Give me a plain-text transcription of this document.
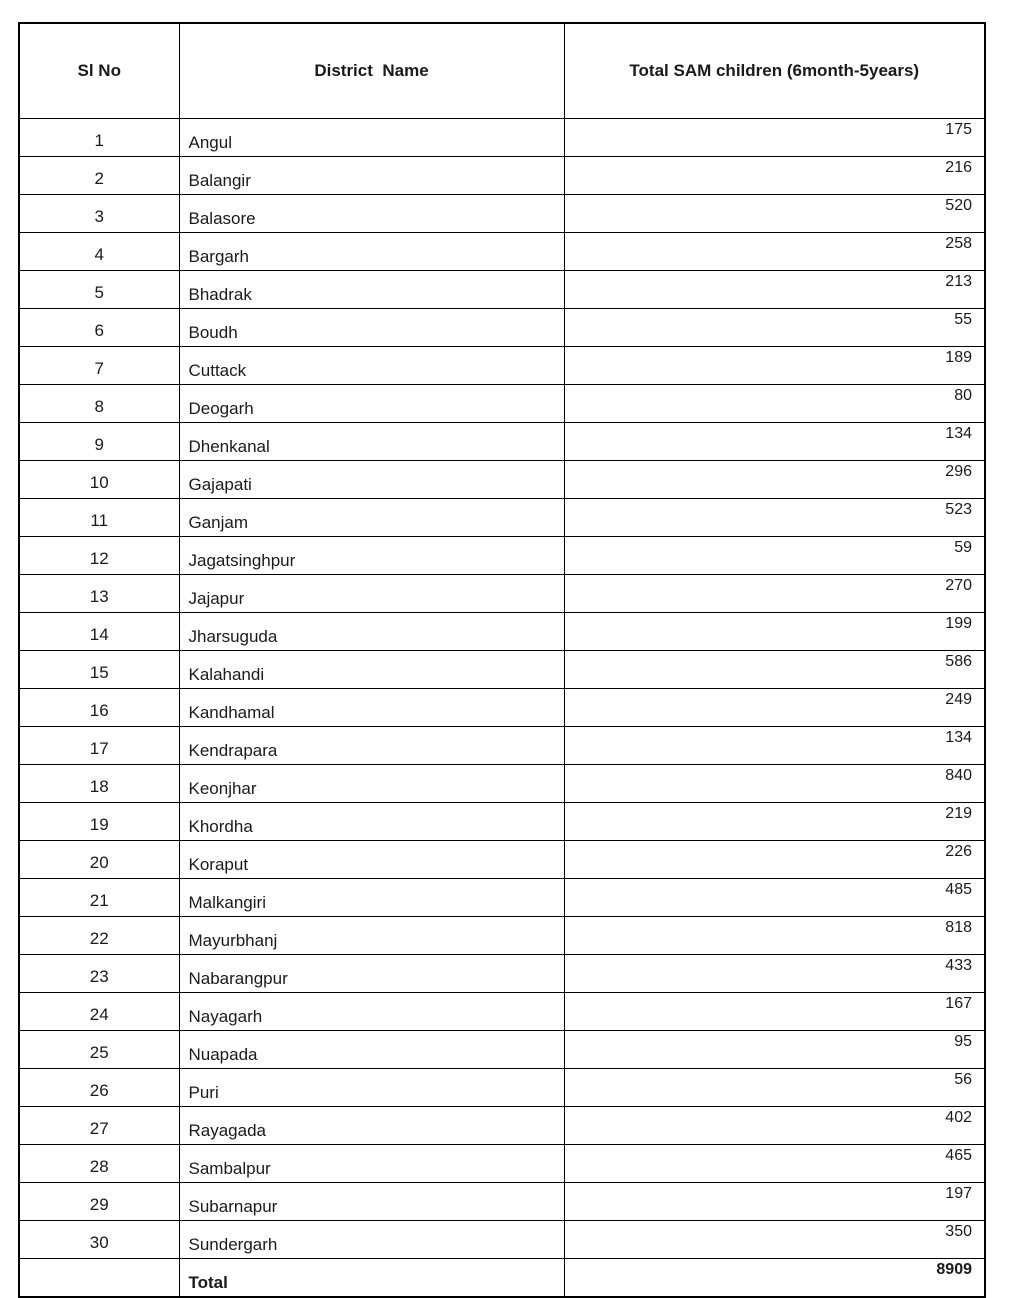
Sl No	District  Name	Total SAM children (6month-5years)
1	Angul	175
2	Balangir	216
3	Balasore	520
4	Bargarh	258
5	Bhadrak	213
6	Boudh	55
7	Cuttack	189
8	Deogarh	80
9	Dhenkanal	134
10	Gajapati	296
11	Ganjam	523
12	Jagatsinghpur	59
13	Jajapur	270
14	Jharsuguda	199
15	Kalahandi	586
16	Kandhamal	249
17	Kendrapara	134
18	Keonjhar	840
19	Khordha	219
20	Koraput	226
21	Malkangiri	485
22	Mayurbhanj	818
23	Nabarangpur	433
24	Nayagarh	167
25	Nuapada	95
26	Puri	56
27	Rayagada	402
28	Sambalpur	465
29	Subarnapur	197
30	Sundergarh	350
	Total	8909
